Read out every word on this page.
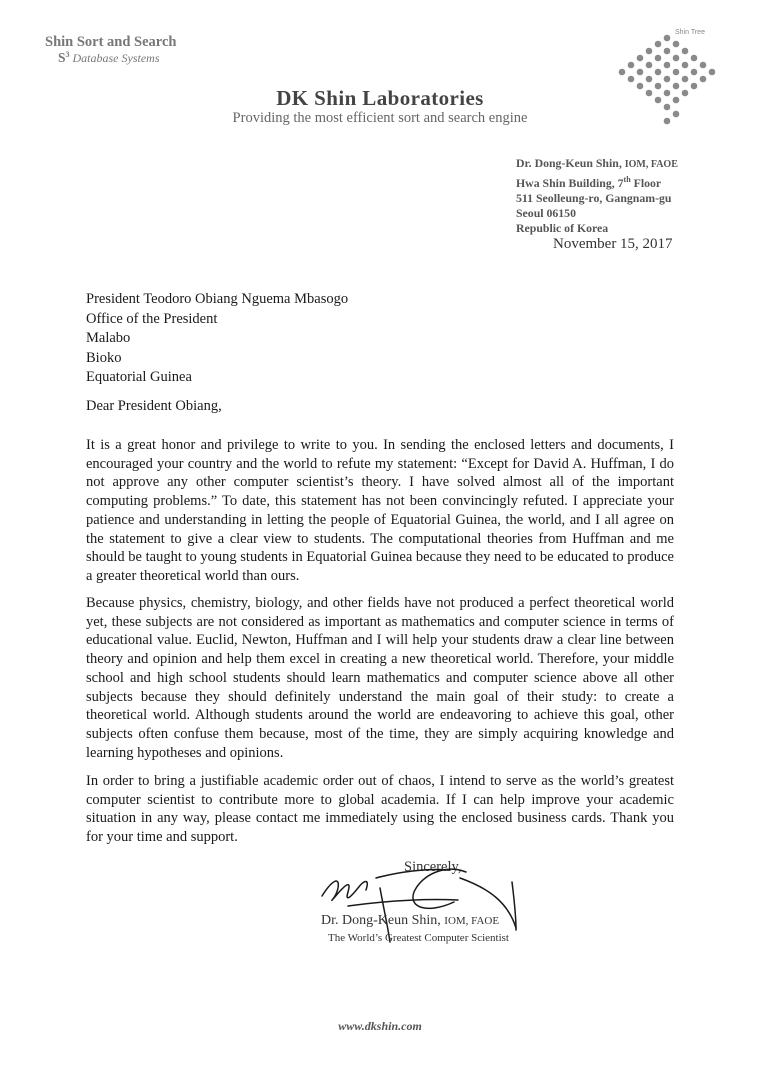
Shin Sort and Search
$S^3$ Database Systems
DK Shin Laboratories
Providing the most efficient sort and search engine
Shin Tree
Dr. Dong-Keun Shin, IOM, FAOE
Hwa Shin Building, 7th Floor
511 Seolleung-ro, Gangnam-gu
Seoul 06150
Republic of Korea
November 15, 2017
President Teodoro Obiang Nguema Mbasogo
Office of the President
Malabo
Bioko
Equatorial Guinea
Dear President Obiang,
It is a great honor and privilege to write to you. In sending the enclosed letters and documents, I encouraged your country and the world to refute my statement: “Except for David A. Huffman, I do not approve any other computer scientist’s theory. I have solved almost all of the important computing problems.” To date, this statement has not been convincingly refuted. I appreciate your patience and understanding in letting the people of Equatorial Guinea, the world, and I all agree on the statement to give a clear view to students. The computational theories from Huffman and me should be taught to young students in Equatorial Guinea because they need to be educated to produce a greater theoretical world than ours.
Because physics, chemistry, biology, and other fields have not produced a perfect theoretical world yet, these subjects are not considered as important as mathematics and computer science in terms of educational value. Euclid, Newton, Huffman and I will help your students draw a clear line between theory and opinion and help them excel in creating a new theoretical world. Therefore, your middle school and high school students should learn mathematics and computer science above all other subjects because they should definitely understand the main goal of their study: to create a theoretical world. Although students around the world are endeavoring to achieve this goal, other subjects often confuse them because, most of the time, they are simply acquiring knowledge and learning hypotheses and opinions.
In order to bring a justifiable academic order out of chaos, I intend to serve as the world’s greatest computer scientist to contribute more to global academia. If I can help improve your academic situation in any way, please contact me immediately using the enclosed business cards. Thank you for your time and support.
Sincerely,
Dr. Dong-Keun Shin, IOM, FAOE
The World’s Greatest Computer Scientist
www.dkshin.com
